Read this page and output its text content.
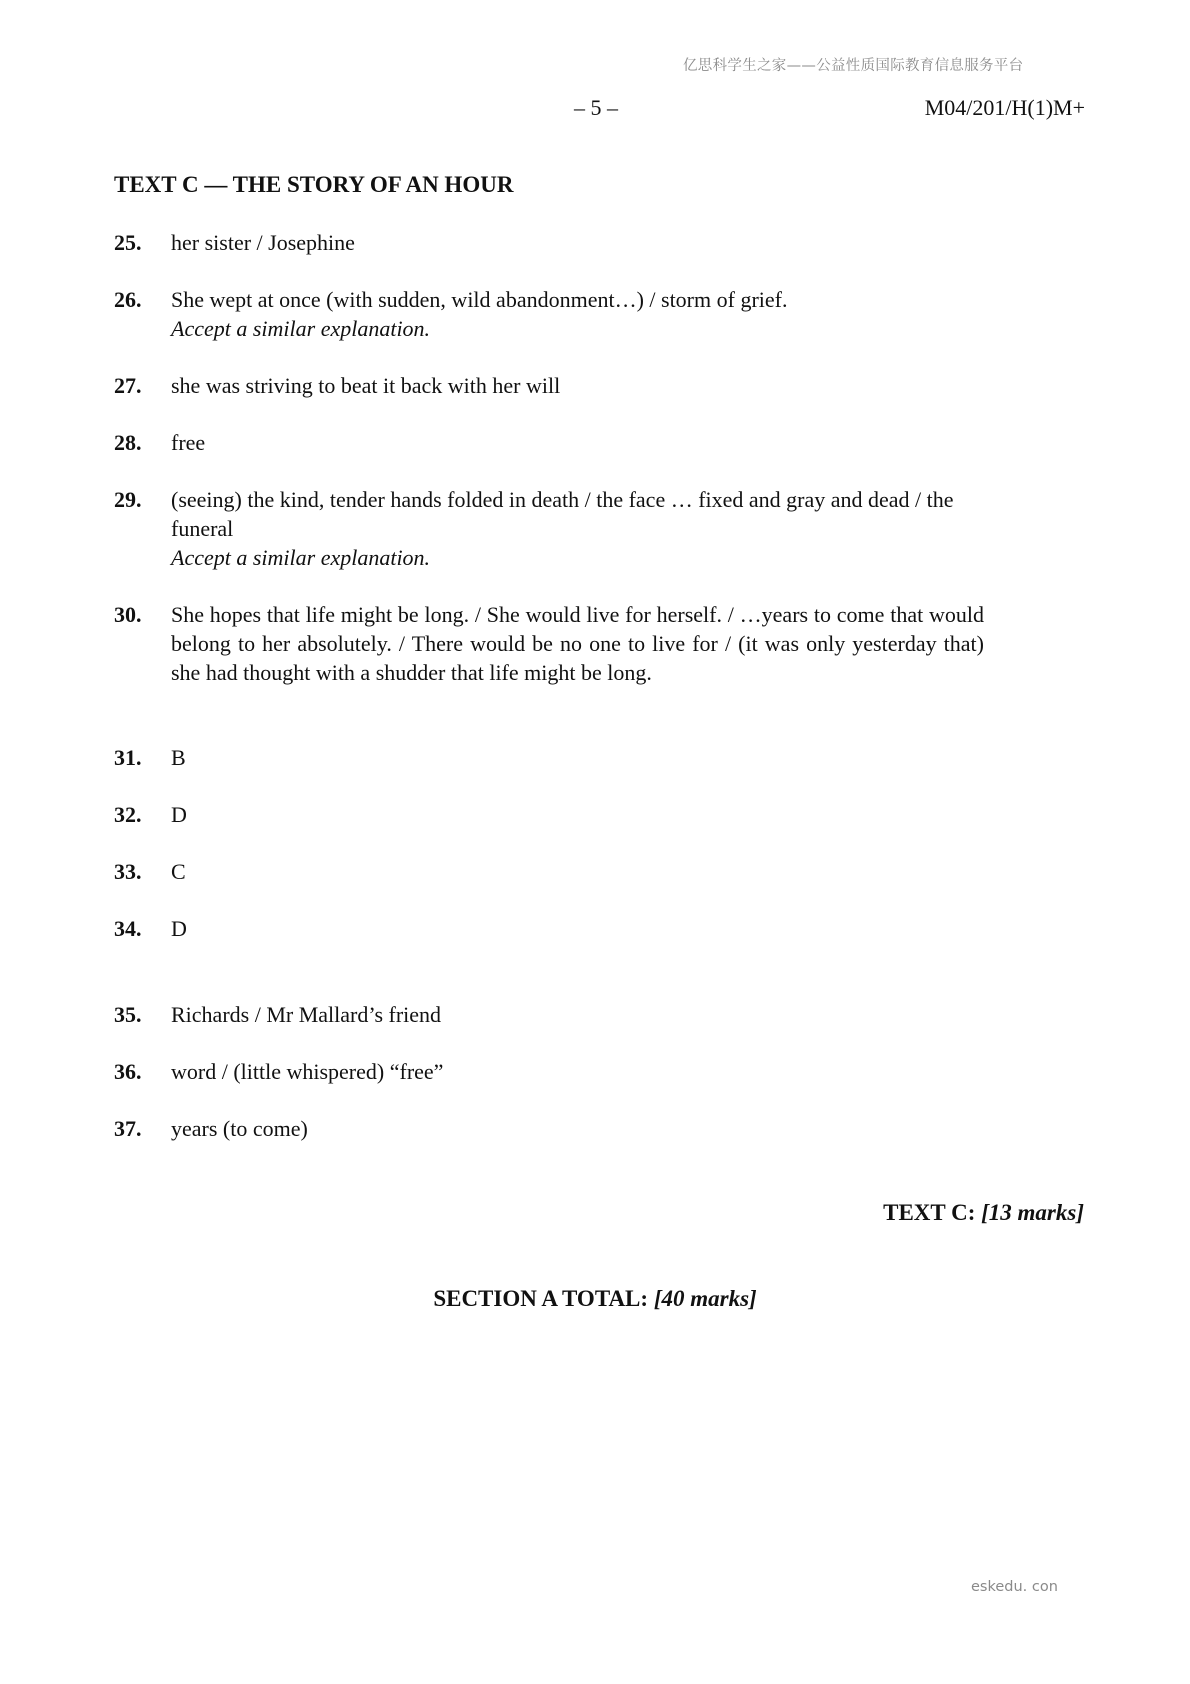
亿思科学生之家——公益性质国际教育信息服务平台
– 5 –	M04/201/H(1)M+
TEXT C — THE STORY OF AN HOUR
25. her sister / Josephine
26. She wept at once (with sudden, wild abandonment…) / storm of grief.
Accept a similar explanation.
27. she was striving to beat it back with her will
28. free
29. (seeing) the kind, tender hands folded in death / the face … fixed and gray and dead / the funeral
Accept a similar explanation.
30. She hopes that life might be long. / She would live for herself. / …years to come that would belong to her absolutely. / There would be no one to live for / (it was only yesterday that) she had thought with a shudder that life might be long.
31. B
32. D
33. C
34. D
35. Richards / Mr Mallard’s friend
36. word / (little whispered) “free”
37. years (to come)
TEXT C: [13 marks]
SECTION A TOTAL: [40 marks]
eskedu. con
